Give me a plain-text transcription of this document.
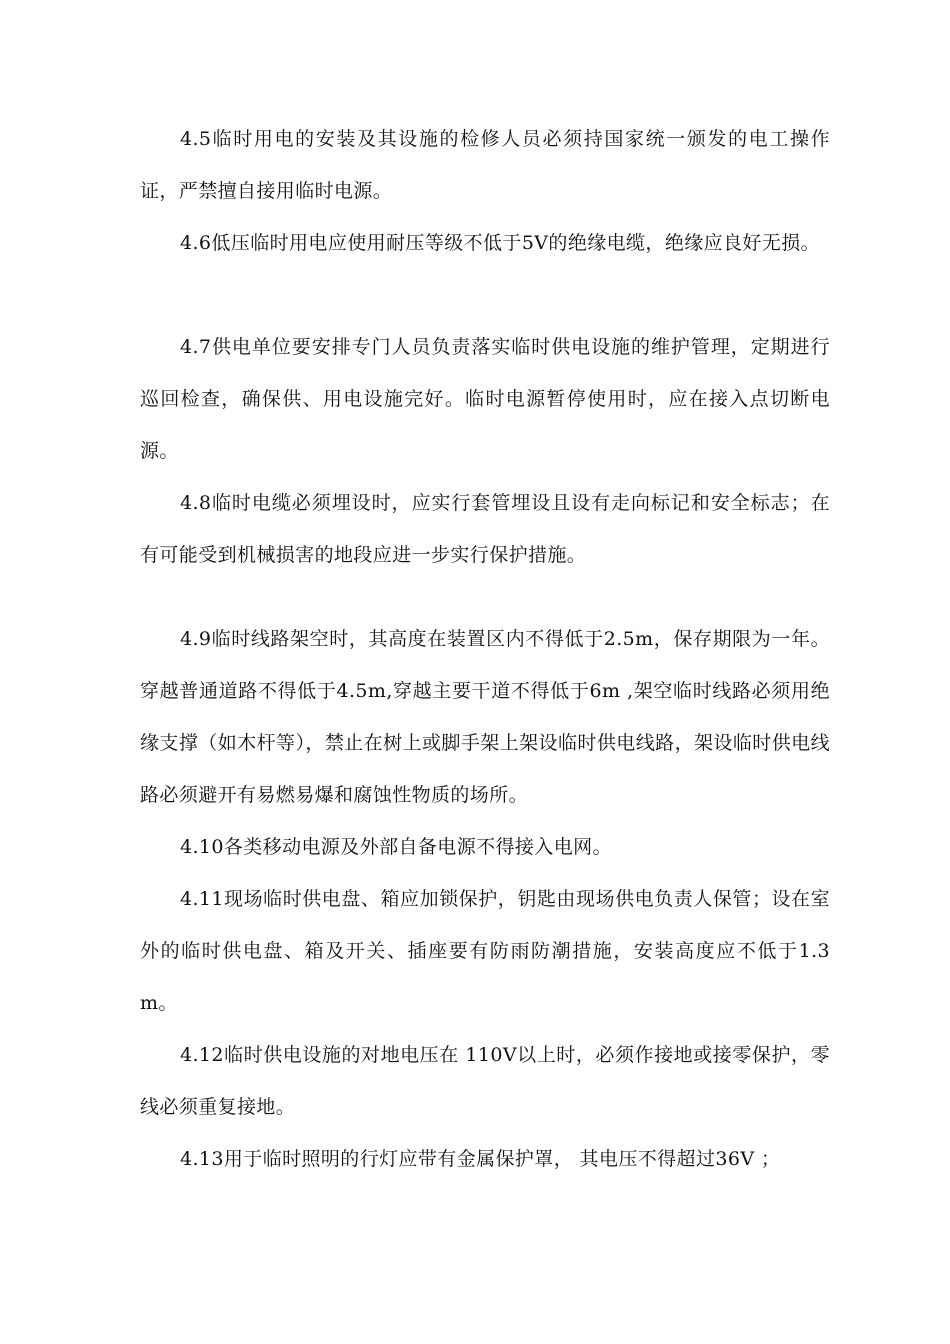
4.5临时用电的安装及其设施的检修人员必须持国家统一颁发的电工操作证，严禁擅自接用临时电源。

4.6低压临时用电应使用耐压等级不低于5V的绝缘电缆，绝缘应良好无损。

4.7供电单位要安排专门人员负责落实临时供电设施的维护管理，定期进行巡回检查，确保供、用电设施完好。临时电源暂停使用时，应在接入点切断电源。

4.8临时电缆必须埋设时，应实行套管埋设且设有走向标记和安全标志；在有可能受到机械损害的地段应进一步实行保护措施。

4.9临时线路架空时，其高度在装置区内不得低于2.5m，保存期限为一年。穿越普通道路不得低于4.5m,穿越主要干道不得低于6m ,架空临时线路必须用绝缘支撑（如木杆等），禁止在树上或脚手架上架设临时供电线路，架设临时供电线路必须避开有易燃易爆和腐蚀性物质的场所。

4.10各类移动电源及外部自备电源不得接入电网。

4.11现场临时供电盘、箱应加锁保护，钥匙由现场供电负责人保管；设在室外的临时供电盘、箱及开关、插座要有防雨防潮措施，安装高度应不低于1.3m。

4.12临时供电设施的对地电压在 110V以上时，必须作接地或接零保护，零线必须重复接地。

4.13用于临时照明的行灯应带有金属保护罩， 其电压不得超过36V ；
